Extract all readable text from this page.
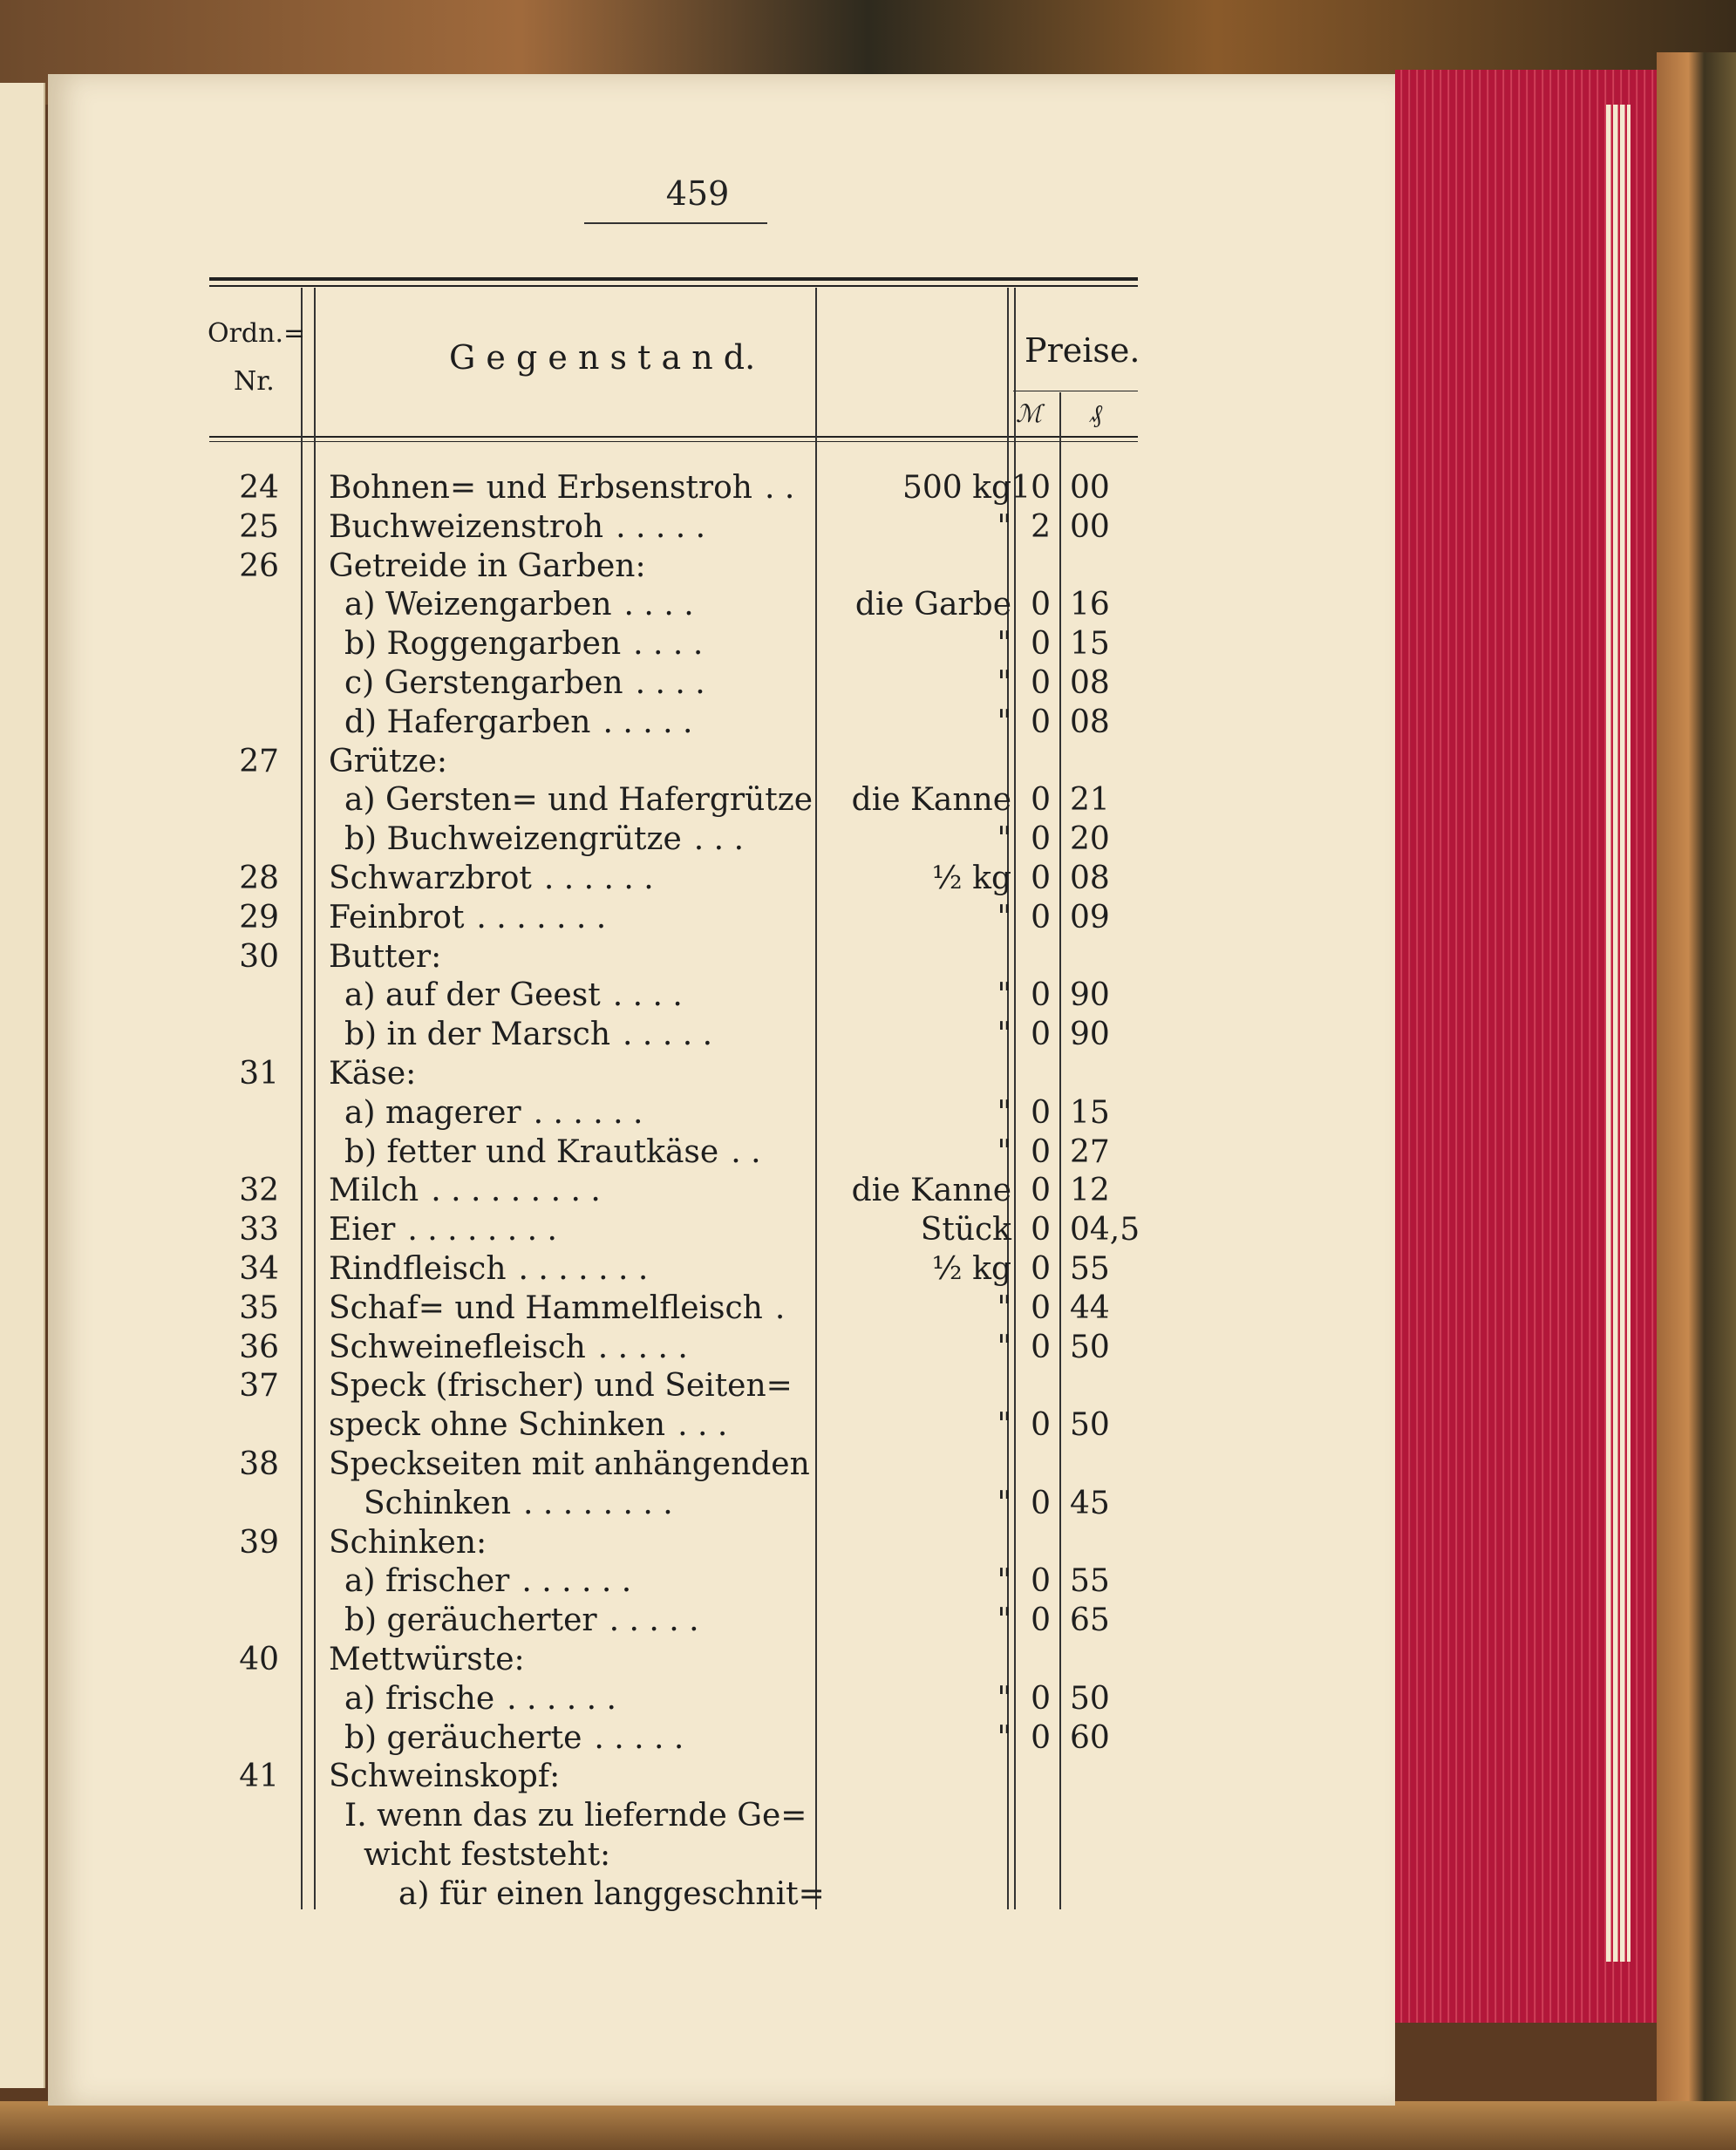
459
Ordn.=
Nr.
G e g e n s t a n d.	Preise.
ℳ ₰
24 Bohnen= und Erbsenstroh . .	500 kg 10 00
25 Buchweizenstroh . . . . .	" 2 00
26 Getreide in Garben:
a) Weizengarben . . . .	die Garbe 0 16
b) Roggengarben . . . .	" 0 15
c) Gerstengarben . . . .	" 0 08
d) Hafergarben . . . . .	" 0 08
27 Grütze:
a) Gersten= und Hafergrütze	die Kanne 0 21
b) Buchweizengrütze . . .	" 0 20
28 Schwarzbrot . . . . . .	½ kg 0 08
29 Feinbrot . . . . . . .	" 0 09
30 Butter:
a) auf der Geest . . . .	" 0 90
b) in der Marsch . . . . .	" 0 90
31 Käse:
a) magerer . . . . . .	" 0 15
b) fetter und Krautkäse . .	" 0 27
32 Milch . . . . . . . . .	die Kanne 0 12
33 Eier . . . . . . . .	Stück 0 04,5
34 Rindfleisch . . . . . . .	½ kg 0 55
35 Schaf= und Hammelfleisch .	" 0 44
36 Schweinefleisch . . . . .	" 0 50
37 Speck (frischer) und Seiten=
speck ohne Schinken . . .	" 0 50
38 Speckseiten mit anhängenden
Schinken . . . . . . . .	" 0 45
39 Schinken:
a) frischer . . . . . .	" 0 55
b) geräucherter . . . . .	" 0 65
40 Mettwürste:
a) frische . . . . . .	" 0 50
b) geräucherte . . . . .	" 0 60
41 Schweinskopf:
I. wenn das zu liefernde Ge=
wicht feststeht:
a) für einen langgeschnit=
